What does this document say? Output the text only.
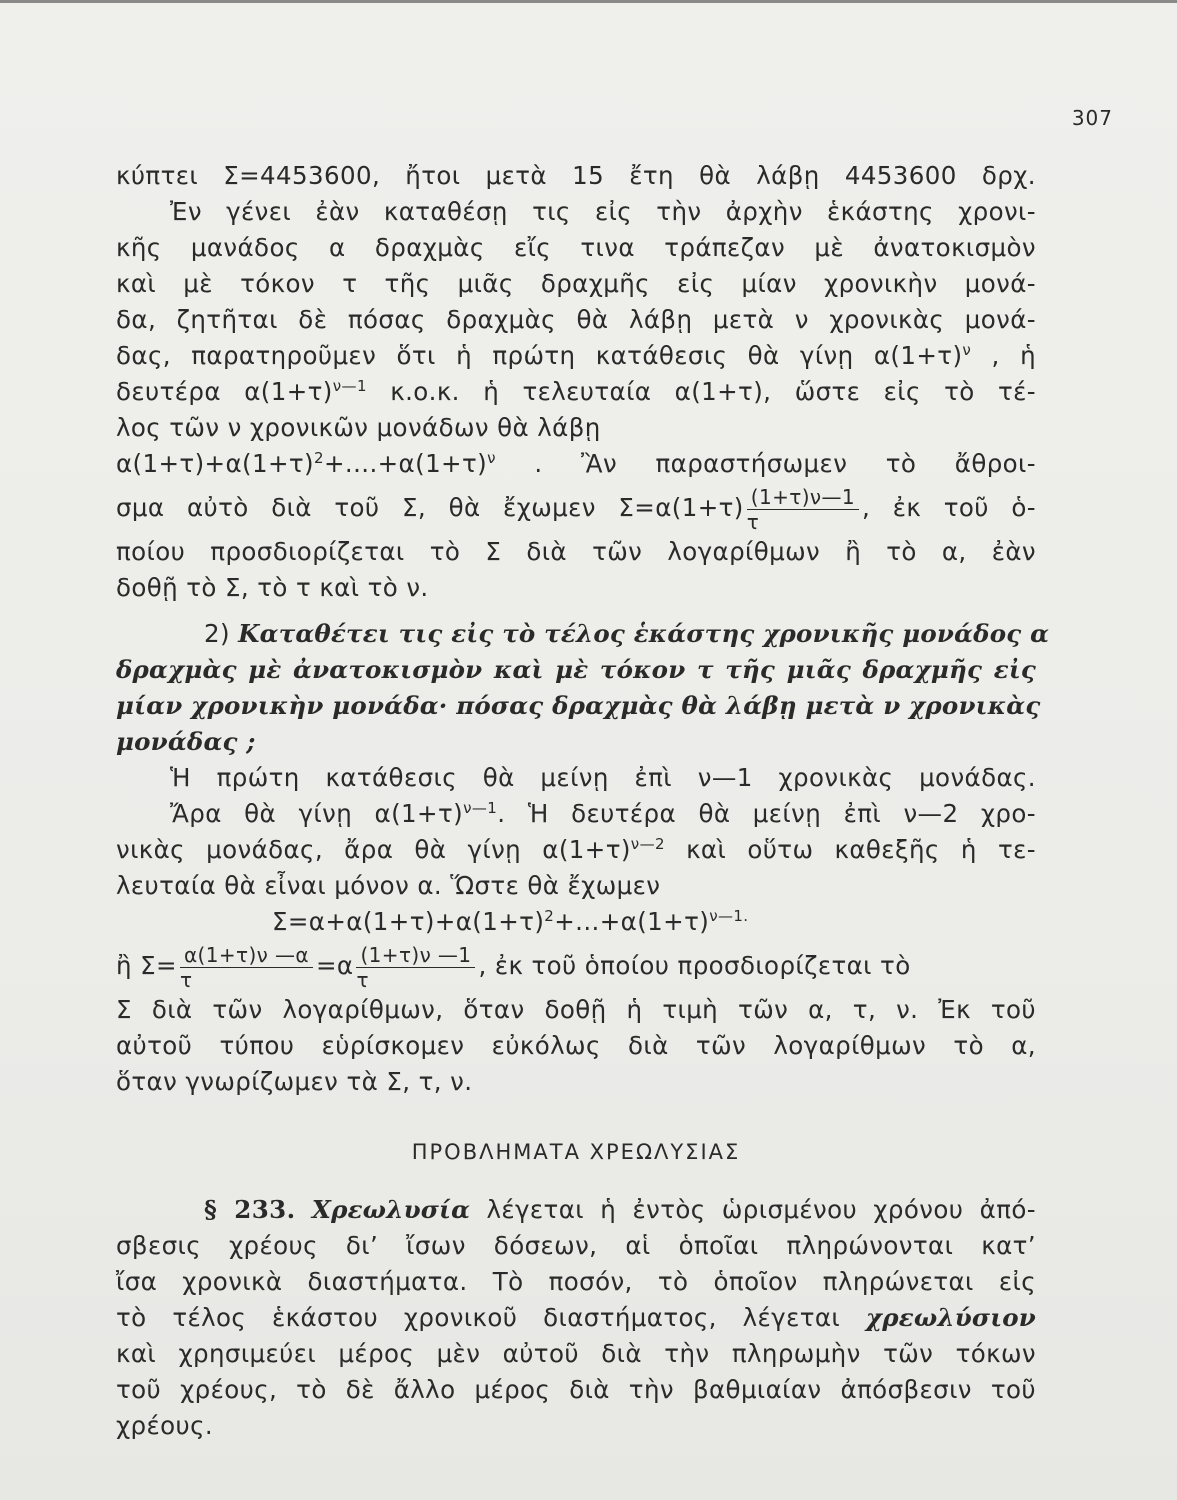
307
κύπτει Σ=4453600, ἤτοι μετὰ 15 ἔτη θὰ λάβῃ 4453600 δρχ.
Ἐν γένει ἐὰν καταθέσῃ τις εἰς τὴν ἀρχὴν ἑκάστης χρονι-
κῆς μανάδος α δραχμὰς εἴς τινα τράπεζαν μὲ ἀνατοκισμὸν
καὶ μὲ τόκον τ τῆς μιᾶς δραχμῆς εἰς μίαν χρονικὴν μονά-
δα, ζητῆται δὲ πόσας δραχμὰς θὰ λάβῃ μετὰ ν χρονικὰς μονά-
δας, παρατηροῦμεν ὅτι ἡ πρώτη κατάθεσις θὰ γίνῃ $\alpha(1+\tau)^\nu$ , ἡ
δευτέρα $\alpha(1+\tau)^{\nu—1}$ κ.ο.κ. ἡ τελευταία α(1+τ), ὥστε εἰς τὸ τέ-
λος τῶν ν χρονικῶν μονάδων θὰ λάβῃ
$\alpha(1+\tau)+\alpha(1+\tau)^2+....+\alpha(1+\tau)^\nu$ . Ἂν παραστήσωμεν τὸ ἄθροι-
σμα αὐτὸ διὰ τοῦ Σ, θὰ ἔχωμεν $\Sigma=\alpha(1+\tau) \frac{(1+\tau)\nu—1}{\tau}$ , ἐκ τοῦ ὁ-
ποίου προσδιορίζεται τὸ Σ διὰ τῶν λογαρίθμων ἢ τὸ α, ἐὰν
δοθῇ τὸ Σ, τὸ τ καὶ τὸ ν.
2) Καταθέτει τις εἰς τὸ τέλος ἑκάστης χρονικῆς μονάδος α
δραχμὰς μὲ ἀνατοκισμὸν καὶ μὲ τόκον τ τῆς μιᾶς δραχμῆς εἰς
μίαν χρονικὴν μονάδα· πόσας δραχμὰς θὰ λάβῃ μετὰ ν χρονικὰς
μονάδας ;
Ἡ πρώτη κατάθεσις θὰ μείνῃ ἐπὶ ν—1 χρονικὰς μονάδας.
Ἄρα θὰ γίνῃ $\alpha(1+\tau)^{\nu—1}$. Ἡ δευτέρα θὰ μείνῃ ἐπὶ ν—2 χρο-
νικὰς μονάδας, ἄρα θὰ γίνῃ $\alpha(1+\tau)^{\nu—2}$ καὶ οὕτω καθεξῆς ἡ τε-
λευταία θὰ εἶναι μόνον α. Ὥστε θὰ ἔχωμεν
$\Sigma=\alpha+\alpha(1+\tau)+\alpha(1+\tau)^2+...+\alpha(1+\tau)^{\nu—1.}$
ἢ $\Sigma= \frac{\alpha(1+\tau)\nu —\alpha}{\tau} =\alpha \frac{(1+\tau)\nu —1}{\tau}$ , ἐκ τοῦ ὁποίου προσδιορίζεται τὸ
Σ διὰ τῶν λογαρίθμων, ὅταν δοθῇ ἡ τιμὴ τῶν α, τ, ν. Ἐκ τοῦ
αὐτοῦ τύπου εὑρίσκομεν εὐκόλως διὰ τῶν λογαρίθμων τὸ α,
ὅταν γνωρίζωμεν τὰ Σ, τ, ν.
ΠΡΟΒΛΗΜΑΤΑ ΧΡΕΩΛΥΣΙΑΣ
§ 233. Χρεωλυσία λέγεται ἡ ἐντὸς ὡρισμένου χρόνου ἀπό-
σβεσις χρέους δι’ ἴσων δόσεων, αἱ ὁποῖαι πληρώνονται κατ’
ἴσα χρονικὰ διαστήματα. Τὸ ποσόν, τὸ ὁποῖον πληρώνεται εἰς
τὸ τέλος ἑκάστου χρονικοῦ διαστήματος, λέγεται χρεωλύσιον
καὶ χρησιμεύει μέρος μὲν αὐτοῦ διὰ τὴν πληρωμὴν τῶν τόκων
τοῦ χρέους, τὸ δὲ ἄλλο μέρος διὰ τὴν βαθμιαίαν ἀπόσβεσιν τοῦ
χρέους.
